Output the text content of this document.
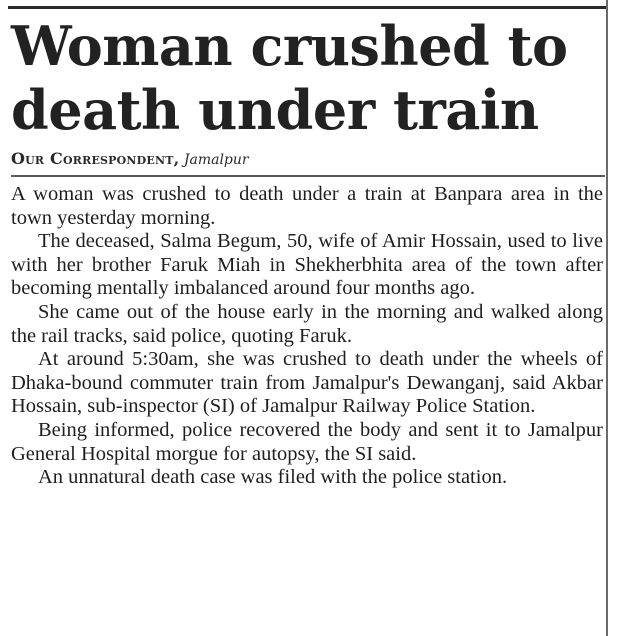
Woman crushed to death under train
Our Correspondent, Jamalpur

A woman was crushed to death under a train at Banpara area in the town yesterday morning.

The deceased, Salma Begum, 50, wife of Amir Hossain, used to live with her brother Faruk Miah in Shekherbhita area of the town after becoming mentally imbalanced around four months ago.

She came out of the house early in the morning and walked along the rail tracks, said police, quoting Faruk.

At around 5:30am, she was crushed to death under the wheels of Dhaka-bound commuter train from Jamalpur's Dewanganj, said Akbar Hossain, sub-inspector (SI) of Jamalpur Railway Police Station.

Being informed, police recovered the body and sent it to Jamalpur General Hospital morgue for autopsy, the SI said.

An unnatural death case was filed with the police station.
